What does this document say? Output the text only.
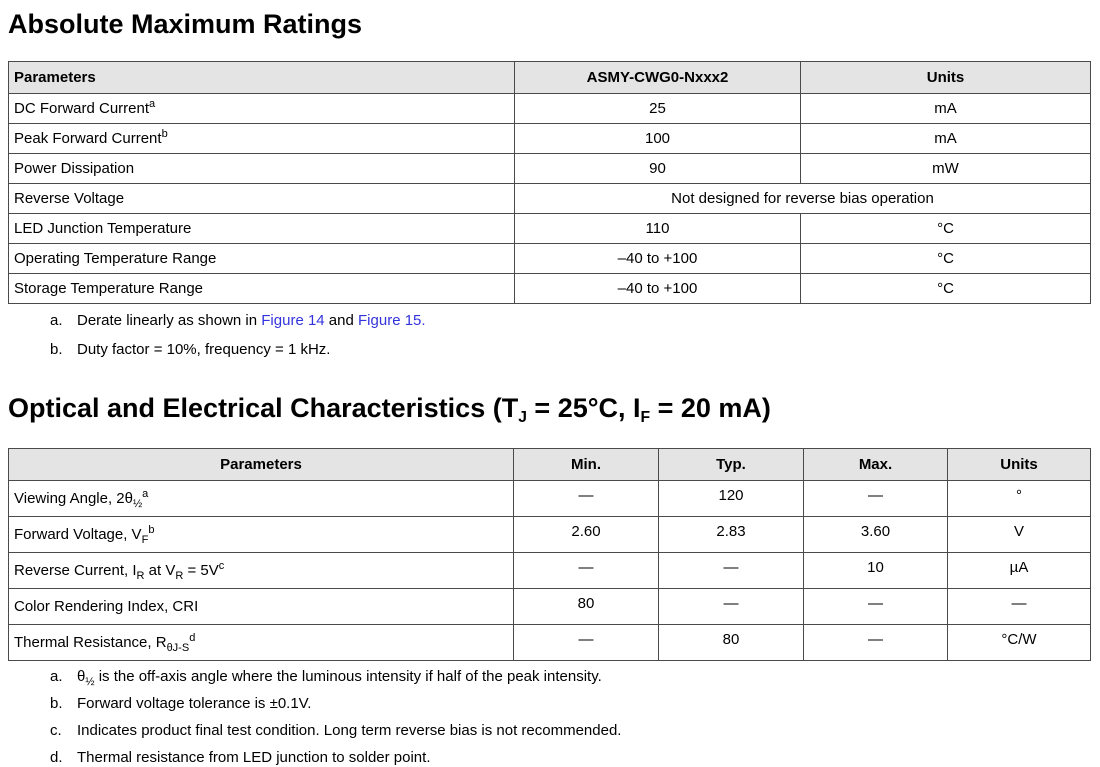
Absolute Maximum Ratings
Parameters	ASMY-CWG0-Nxxx2	Units
DC Forward Current$^a$	25	mA
Peak Forward Current$^b$	100	mA
Power Dissipation	90	mW
Reverse Voltage	Not designed for reverse bias operation	
LED Junction Temperature	110	°C
Operating Temperature Range	–40 to +100	°C
Storage Temperature Range	–40 to +100	°C
a. Derate linearly as shown in Figure 14 and Figure 15.
b. Duty factor = 10%, frequency = 1 kHz.
Optical and Electrical Characteristics ($T_J = 25^\circ C$, $I_F = 20$ mA)
Parameters	Min.	Typ.	Max.	Units
Viewing Angle, $2\theta_{\frac{1}{2}}^a$	—	120	—	°
Forward Voltage, $V_F^b$	2.60	2.83	3.60	V
Reverse Current, $I_R$ at $V_R = 5V^c$	—	—	10	µA
Color Rendering Index, CRI	80	—	—	—
Thermal Resistance, $R_{\theta J-S}^d$	—	80	—	°C/W
a. $\theta_{\frac{1}{2}}$ is the off-axis angle where the luminous intensity if half of the peak intensity.
b. Forward voltage tolerance is ±0.1V.
c.	Indicates product final test condition. Long term reverse bias is not recommended.
d. Thermal resistance from LED junction to solder point.
